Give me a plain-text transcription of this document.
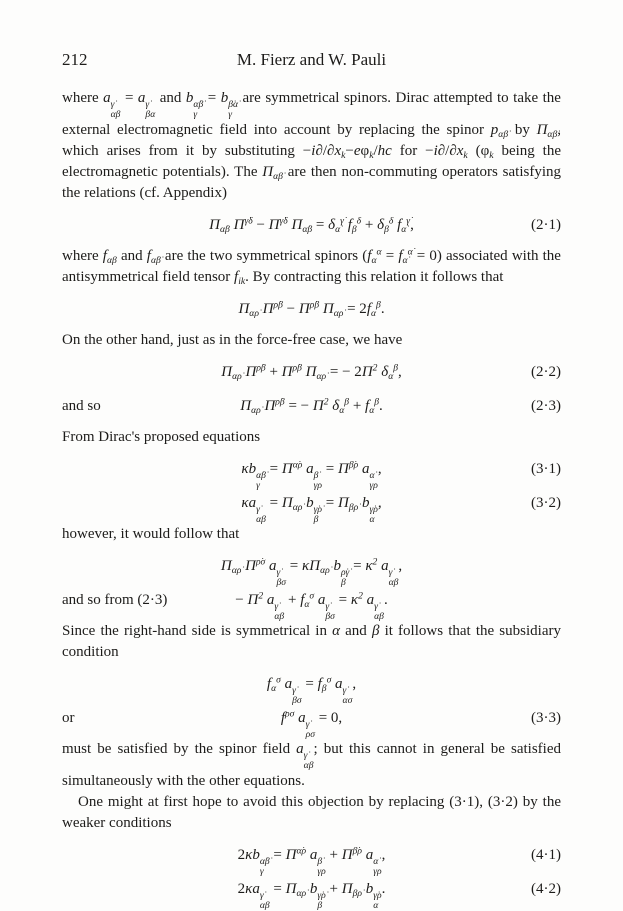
212	M. Fierz and W. Pauli

where a γ̇
αβ
= a γ̇
βα
and b α̇β̇
γ
= b β̇α̇
γ
are symmetrical spinors. Dirac attempted to take the external electromagnetic field into account by replacing the spinor $p_{\alpha\betȧ}$ by $\Pi_{\alpha\betȧ}$, which arises from it by substituting $-i\partial/\partial x_k-e\varphi_k/hc$ for $-i\partial/\partial x_k$ ($\varphi_k$ being the electromagnetic potentials). The $\Pi_{\alpha\betȧ}$ are then non-commuting operators satisfying the relations (cf. Appendix)

$\Pi_{\alphȧ\beta}$ $\Pi^{\gammȧ\delta} - \Pi^{\gammȧ\delta}$ $\Pi_{\alphȧ\beta} = \delta_{\alphȧ}^{\gammȧ}$ $f_\beta^\delta + \delta_\beta^\delta$ $f_{\alphȧ}^{\gammȧ}$,	(2·1)

where $f_{\alpha\beta}$ and $f_{\alphȧ\betȧ}$ are the two symmetrical spinors $(f_\alpha^\alpha = f_{\alphȧ}^{\alphȧ} = 0)$ associated with the antisymmetrical field tensor $f_{ik}$. By contracting this relation it follows that

$\Pi_{\alpha\rhȯ}$ $\Pi^{\rhȯ\beta} - \Pi^{\rhȯ\beta}$ $\Pi_{\alpha\rhȯ} = 2f_\alpha^\beta$.

On the other hand, just as in the force-free case, we have

$\Pi_{\alpha\rhȯ}$ $\Pi^{\rhȯ\beta} + \Pi^{\rhȯ\beta}$ $\Pi_{\alpha\rhȯ}$ = − $2\Pi^2$ $\delta_\alpha^\beta$,	(2·2)
and so	$\Pi_{\alpha\rhȯ}$ $\Pi^{\rhȯ\beta}$ = − $\Pi^2$ $\delta_\alpha^\beta + f_\alpha^\beta$.	(2·3)

From Dirac's proposed equations

κb α̇β̇
γ
= $\Pi^{\alphȧ\rho}$ a β̇
γρ
= $\Pi^{\betȧ\rho}$ a α̇
γρ
,	(3·1)
κa γ̇
αβ
= $\Pi_{\alpha\rhȯ}$ b γ̇ρ̇
β
= $\Pi_{\beta\rhȯ}$ b γ̇ρ̇
α
,	(3·2)

however, it would follow that

$\Pi_{\alpha\rhȯ}$ $\Pi^{\rhȯ\sigma}$ a γ̇
βσ
= $\kappa\Pi_{\alpha\rhȯ}$ b ρ̇γ̇
β
= $\kappa^2$ a γ̇
αβ
,
and so from (2·3)	− $\Pi^2$ a γ̇
αβ
+ $f_\alpha^\sigma$ a γ̇
βσ
= $\kappa^2$ a γ̇
αβ
.

Since the right-hand side is symmetrical in α and β it follows that the subsidiary condition

$f_\alpha^\sigma$ a γ̇
βσ
= $f_\beta^\sigma$ a γ̇
ασ
,
or	$f^{\rho\sigma}$ a γ̇
ρσ
= 0,	(3·3)

must be satisfied by the spinor field a γ̇
αβ
; but this cannot in general be satisfied simultaneously with the other equations.

One might at first hope to avoid this objection by replacing (3·1), (3·2) by the weaker conditions

2κb α̇β̇
γ
= $\Pi^{\alphȧ\rho}$ a β̇
γρ
+ $\Pi^{\betȧ\rho}$ a α̇
γρ
,	(4·1)
2κa γ̇
αβ
= $\Pi_{\alpha\rhȯ}$ b γ̇ρ̇
β
+ $\Pi_{\beta\rhȯ}$ b γ̇ρ̇
α
.	(4·2)
